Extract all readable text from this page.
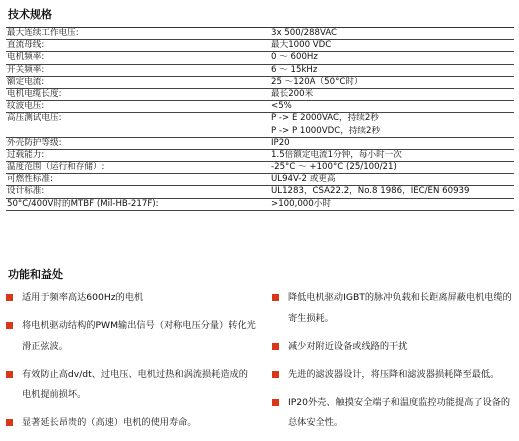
技术规格
最大连续工作电压:	3x 500/288VAC
直流母线:	最大1000 VDC
电机频率:	0 ～ 600Hz
开关频率:	6 ～ 15kHz
额定电流:	25 ～120A（50°C时）
电机电缆长度:	最长200米
纹波电压:	<5%
高压测试电压:	P -> E 2000VAC，持续2秒
P -> P 1000VDC，持续2秒
外壳防护等级:	IP20
过载能力:	1.5倍额定电流1分钟，每小时一次
温度范围（运行和存储）:	-25°C ～ +100°C (25/100/21)
可燃性标准:	UL94V-2 或更高
设计标准:	UL1283，CSA22.2，No.8 1986，IEC/EN 60939
50°C/400V时的MTBF (Mil-HB-217F):	>100,000小时
功能和益处
适用于频率高达600Hz的电机
将电机驱动结构的PWM输出信号（对称电压分量）转化光滑正弦波。
有效防止高dv/dt、过电压、电机过热和涡流损耗造成的电机提前损坏。
显著延长昂贵的（高速）电机的使用寿命。
降低电机驱动IGBT的脉冲负载和长距离屏蔽电机电缆的寄生损耗。
减少对附近设备或线路的干扰
先进的滤波器设计，将压降和滤波器损耗降至最低。
IP20外壳、触摸安全端子和温度监控功能提高了设备的总体安全性。
